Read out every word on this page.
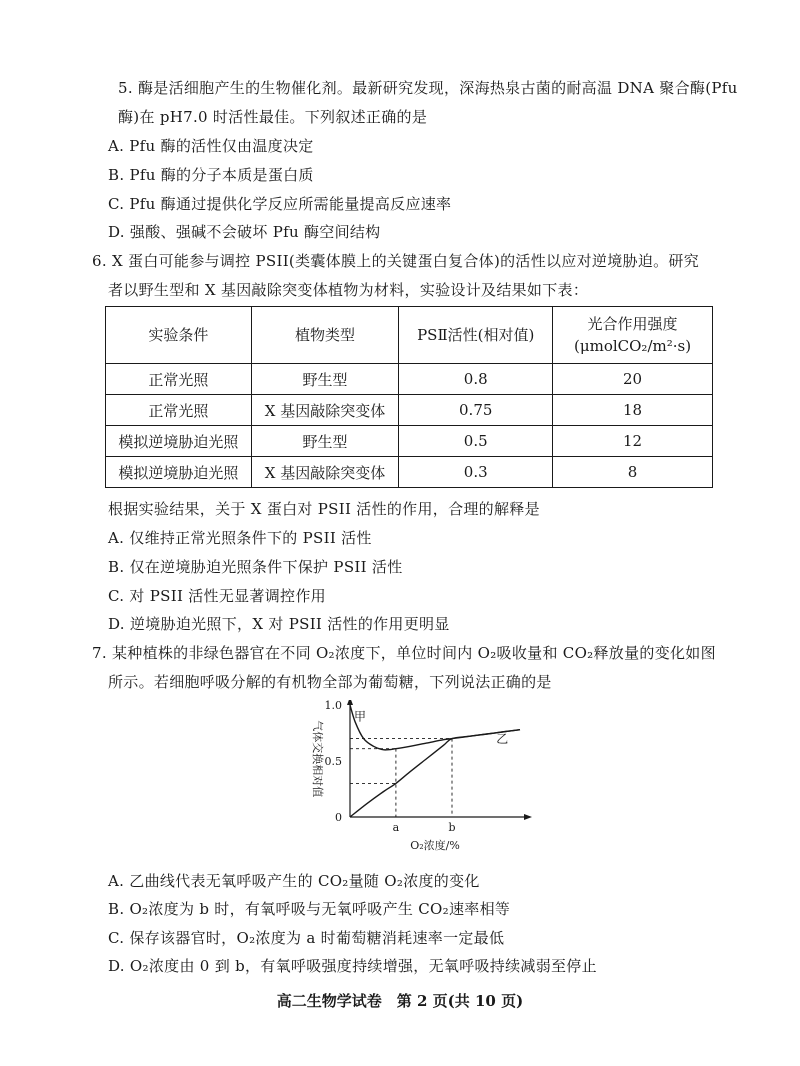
5. 酶是活细胞产生的生物催化剂。最新研究发现，深海热泉古菌的耐高温 DNA 聚合酶(Pfu
酶)在 pH7.0 时活性最佳。下列叙述正确的是
A. Pfu 酶的活性仅由温度决定
B. Pfu 酶的分子本质是蛋白质
C. Pfu 酶通过提供化学反应所需能量提高反应速率
D. 强酸、强碱不会破坏 Pfu 酶空间结构
6. X 蛋白可能参与调控 PSII(类囊体膜上的关键蛋白复合体)的活性以应对逆境胁迫。研究
者以野生型和 X 基因敲除突变体植物为材料，实验设计及结果如下表：
实验条件	植物类型	PSⅡ活性(相对值)	光合作用强度
(μmolCO₂/m²·s)

正常光照	野生型	0.8	20
正常光照	X 基因敲除突变体	0.75	18
模拟逆境胁迫光照	野生型	0.5	12
模拟逆境胁迫光照	X 基因敲除突变体	0.3	8
根据实验结果，关于 X 蛋白对 PSII 活性的作用，合理的解释是
A. 仅维持正常光照条件下的 PSII 活性
B. 仅在逆境胁迫光照条件下保护 PSII 活性
C. 对 PSII 活性无显著调控作用
D. 逆境胁迫光照下，X 对 PSII 活性的作用更明显
7. 某种植株的非绿色器官在不同 O₂浓度下，单位时间内 O₂吸收量和 CO₂释放量的变化如图
所示。若细胞呼吸分解的有机物全部为葡萄糖，下列说法正确的是
0
0.5
1.0
a	b
O₂浓度/%
气体交换相对值
甲
乙
A. 乙曲线代表无氧呼吸产生的 CO₂量随 O₂浓度的变化
B. O₂浓度为 b 时，有氧呼吸与无氧呼吸产生 CO₂速率相等
C. 保存该器官时，O₂浓度为 a 时葡萄糖消耗速率一定最低
D. O₂浓度由 0 到 b，有氧呼吸强度持续增强，无氧呼吸持续减弱至停止
高二生物学试卷　第 2 页(共 10 页)
